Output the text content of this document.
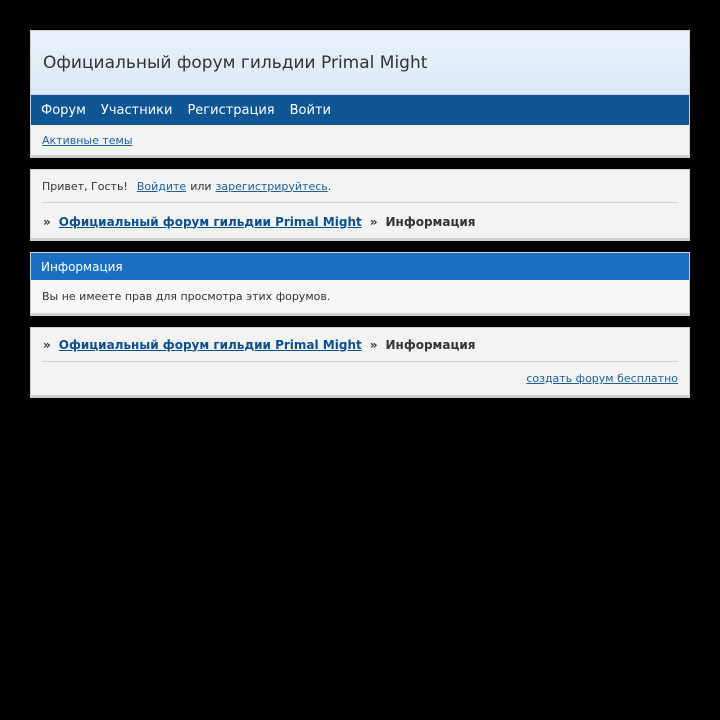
Официальный форум гильдии Primal Might
Форум Участники Регистрация Войти
Активные темы
Привет, Гость! Войдите или зарегистрируйтесь .
» Официальный форум гильдии Primal Might » Информация
Информация
Вы не имеете прав для просмотра этих форумов.
» Официальный форум гильдии Primal Might » Информация
создать форум бесплатно
